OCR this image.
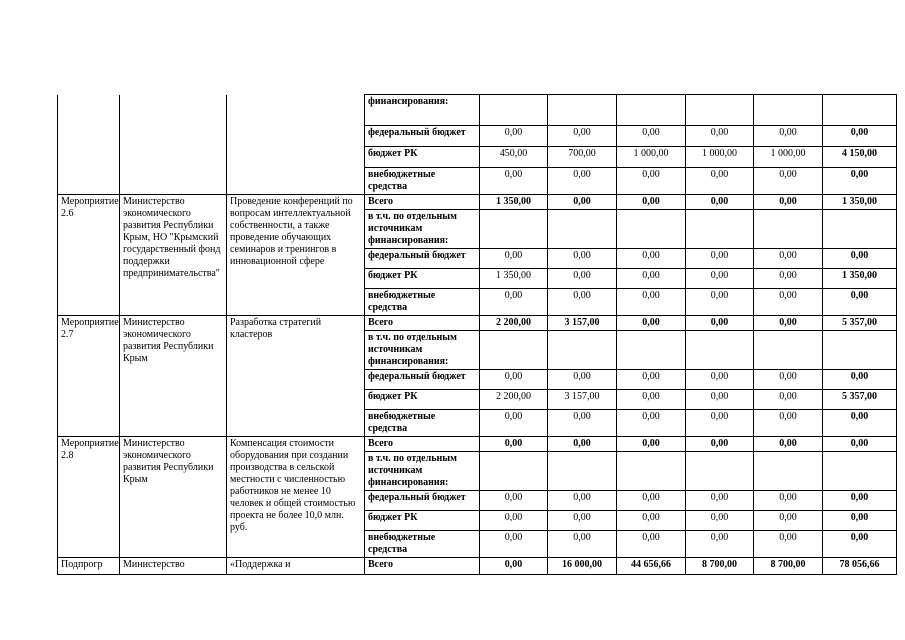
			финансирования:						
			федеральный бюджет	0,00	0,00	0,00	0,00	0,00	0,00
			бюджет РК	450,00	700,00	1 000,00	1 000,00	1 000,00	4 150,00
			внебюджетные средства	0,00	0,00	0,00	0,00	0,00	0,00
Мероприятие 2.6	Министерство экономического развития Республики Крым, НО "Крымский государственный фонд поддержки предпринимательства"	Проведение конференций по вопросам интеллектуальной собственности, а также проведение обучающих семинаров и тренингов в инновационной сфере	Всего	1 350,00	0,00	0,00	0,00	0,00	1 350,00
			в т.ч. по отдельным источникам финансирования:						
			федеральный бюджет	0,00	0,00	0,00	0,00	0,00	0,00
			бюджет РК	1 350,00	0,00	0,00	0,00	0,00	1 350,00
			внебюджетные средства	0,00	0,00	0,00	0,00	0,00	0,00
Мероприятие 2.7	Министерство экономического развития Республики Крым	Разработка стратегий кластеров	Всего	2 200,00	3 157,00	0,00	0,00	0,00	5 357,00
			в т.ч. по отдельным источникам финансирования:						
			федеральный бюджет	0,00	0,00	0,00	0,00	0,00	0,00
			бюджет РК	2 200,00	3 157,00	0,00	0,00	0,00	5 357,00
			внебюджетные средства	0,00	0,00	0,00	0,00	0,00	0,00
Мероприятие 2.8	Министерство экономического развития Республики Крым	Компенсация стоимости оборудования при создании производства в сельской местности с численностью работников не менее 10 человек и общей стоимостью проекта не более 10,0 млн. руб.	Всего	0,00	0,00	0,00	0,00	0,00	0,00
			в т.ч. по отдельным источникам финансирования:						
			федеральный бюджет	0,00	0,00	0,00	0,00	0,00	0,00
			бюджет РК	0,00	0,00	0,00	0,00	0,00	0,00
			внебюджетные средства	0,00	0,00	0,00	0,00	0,00	0,00
Подпрогр	Министерство	«Поддержка и	Всего	0,00	16 000,00	44 656,66	8 700,00	8 700,00	78 056,66
